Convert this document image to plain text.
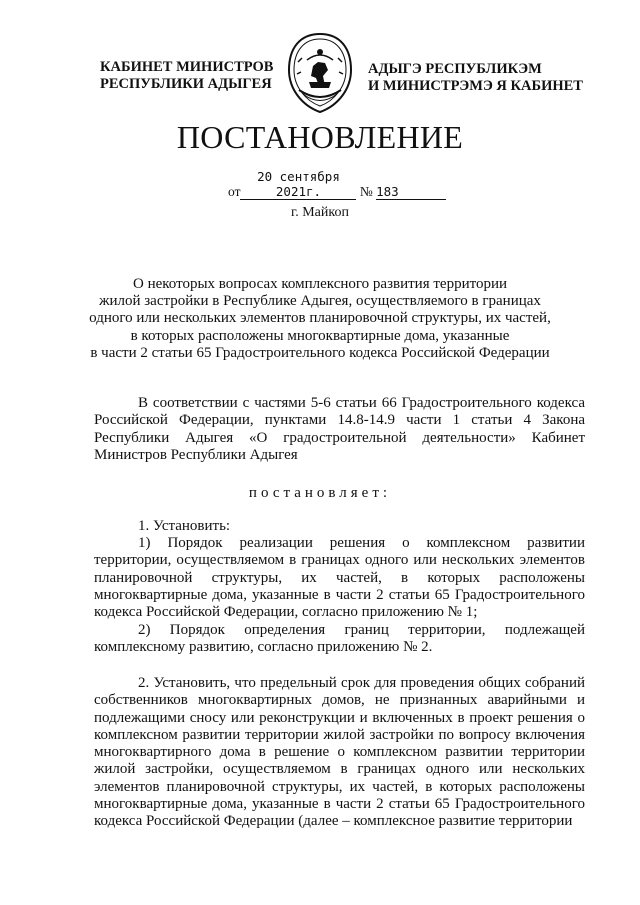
КАБИНЕТ МИНИСТРОВ
РЕСПУБЛИКИ АДЫГЕЯ
АДЫГЭ РЕСПУБЛИКЭМ
И МИНИСТРЭМЭ Я КАБИНЕТ
ПОСТАНОВЛЕНИЕ
от20 сентября 2021г.	№ 183
г. Майкоп
О некоторых вопросах комплексного развития территории
жилой застройки в Республике Адыгея, осуществляемого в границах
одного или нескольких элементов планировочной структуры, их частей,
в которых расположены многоквартирные дома, указанные
в части 2 статьи 65 Градостроительного кодекса Российской Федерации
В соответствии с частями 5-6 статьи 66 Градостроительного кодекса Российской Федерации, пунктами 14.8-14.9 части 1 статьи 4 Закона Республики Адыгея «О градостроительной деятельности» Кабинет Министров Республики Адыгея
постановляет:
1. Установить:
1) Порядок реализации решения о комплексном развитии территории, осуществляемом в границах одного или нескольких элементов планировочной структуры, их частей, в которых расположены многоквартирные дома, указанные в части 2 статьи 65 Градостроительного кодекса Российской Федерации, согласно приложению № 1;
2) Порядок определения границ территории, подлежащей комплексному развитию, согласно приложению № 2.
2. Установить, что предельный срок для проведения общих собраний собственников многоквартирных домов, не признанных аварийными и подлежащими сносу или реконструкции и включенных в проект решения о комплексном развитии территории жилой застройки по вопросу включения многоквартирного дома в решение о комплексном развитии территории жилой застройки, осуществляемом в границах одного или нескольких элементов планировочной структуры, их частей, в которых расположены многоквартирные дома, указанные в части 2 статьи 65 Градостроительного кодекса Российской Федерации (далее – комплексное развитие территории
